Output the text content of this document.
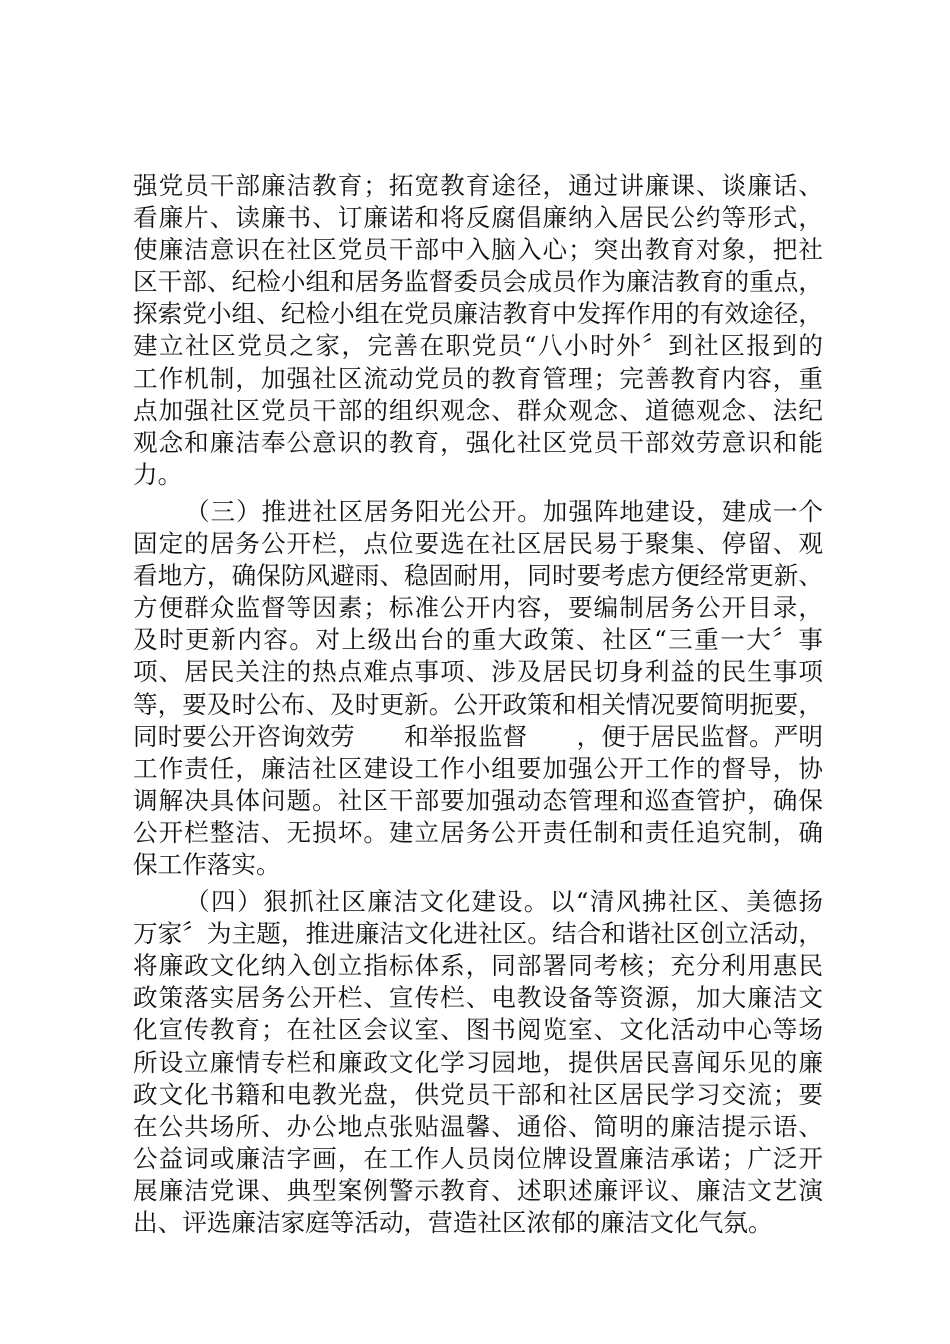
强党员干部廉洁教育；拓宽教育途径，通过讲廉课、谈廉话、
看廉片、读廉书、订廉诺和将反腐倡廉纳入居民公约等形式，
使廉洁意识在社区党员干部中入脑入心；突出教育对象，把社
区干部、纪检小组和居务监督委员会成员作为廉洁教育的重点，
探索党小组、纪检小组在党员廉洁教育中发挥作用的有效途径，
建立社区党员之家，完善在职党员“八小时外〞到社区报到的
工作机制，加强社区流动党员的教育管理；完善教育内容，重
点加强社区党员干部的组织观念、群众观念、道德观念、法纪
观念和廉洁奉公意识的教育，强化社区党员干部效劳意识和能
力。
（三）推进社区居务阳光公开。加强阵地建设，建成一个
固定的居务公开栏，点位要选在社区居民易于聚集、停留、观
看地方，确保防风避雨、稳固耐用，同时要考虑方便经常更新、
方便群众监督等因素；标准公开内容，要编制居务公开目录，
及时更新内容。对上级出台的重大政策、社区“三重一大〞事
项、居民关注的热点难点事项、涉及居民切身利益的民生事项
等，要及时公布、及时更新。公开政策和相关情况要简明扼要，
同时要公开咨询效劳　　和举报监督　　，便于居民监督。严明
工作责任，廉洁社区建设工作小组要加强公开工作的督导，协
调解决具体问题。社区干部要加强动态管理和巡查管护，确保
公开栏整洁、无损坏。建立居务公开责任制和责任追究制，确
保工作落实。
（四）狠抓社区廉洁文化建设。以“清风拂社区、美德扬
万家〞为主题，推进廉洁文化进社区。结合和谐社区创立活动，
将廉政文化纳入创立指标体系，同部署同考核；充分利用惠民
政策落实居务公开栏、宣传栏、电教设备等资源，加大廉洁文
化宣传教育；在社区会议室、图书阅览室、文化活动中心等场
所设立廉情专栏和廉政文化学习园地，提供居民喜闻乐见的廉
政文化书籍和电教光盘，供党员干部和社区居民学习交流；要
在公共场所、办公地点张贴温馨、通俗、简明的廉洁提示语、
公益词或廉洁字画，在工作人员岗位牌设置廉洁承诺；广泛开
展廉洁党课、典型案例警示教育、述职述廉评议、廉洁文艺演
出、评选廉洁家庭等活动，营造社区浓郁的廉洁文化气氛。
